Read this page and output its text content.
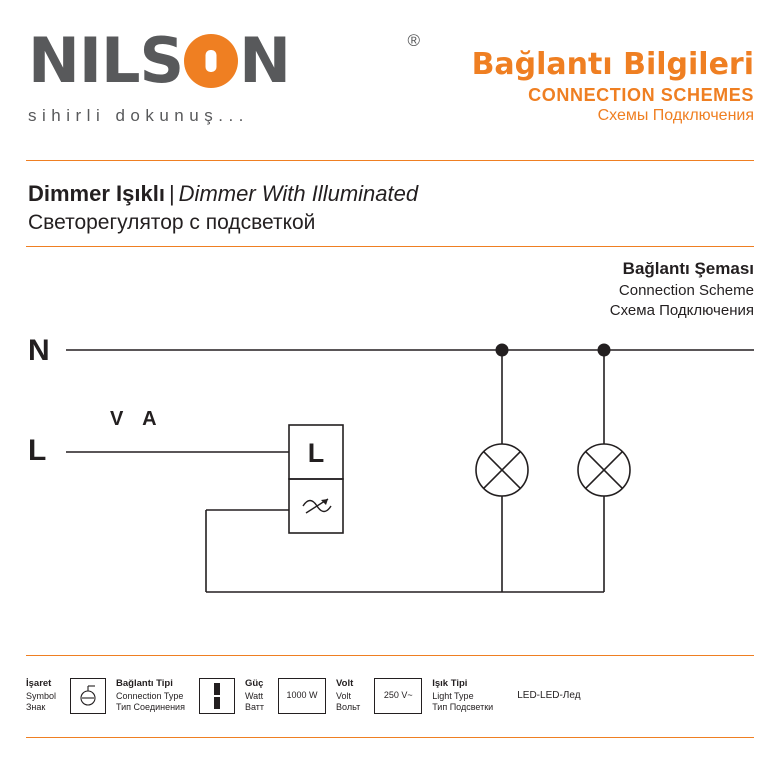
NILS N	®
sihirli dokunuş...
Bağlantı Bilgileri
CONNECTION SCHEMES
Схемы Подключения
Dimmer Işıklı | Dimmer With Illuminated
Светорегулятор с подсветкой
Bağlantı Şeması
Connection Scheme
Схема Подключения
N
L
V A
L
İşaret
Symbol
Знак
Bağlantı Tipi
Connection Type
Тип Соединения
Güç
Watt
Ватт
1000 W
Volt
Volt
Вольт
250 V~
Işık Tipi
Light Type
Тип Подсветки
LED-LED-Лед
